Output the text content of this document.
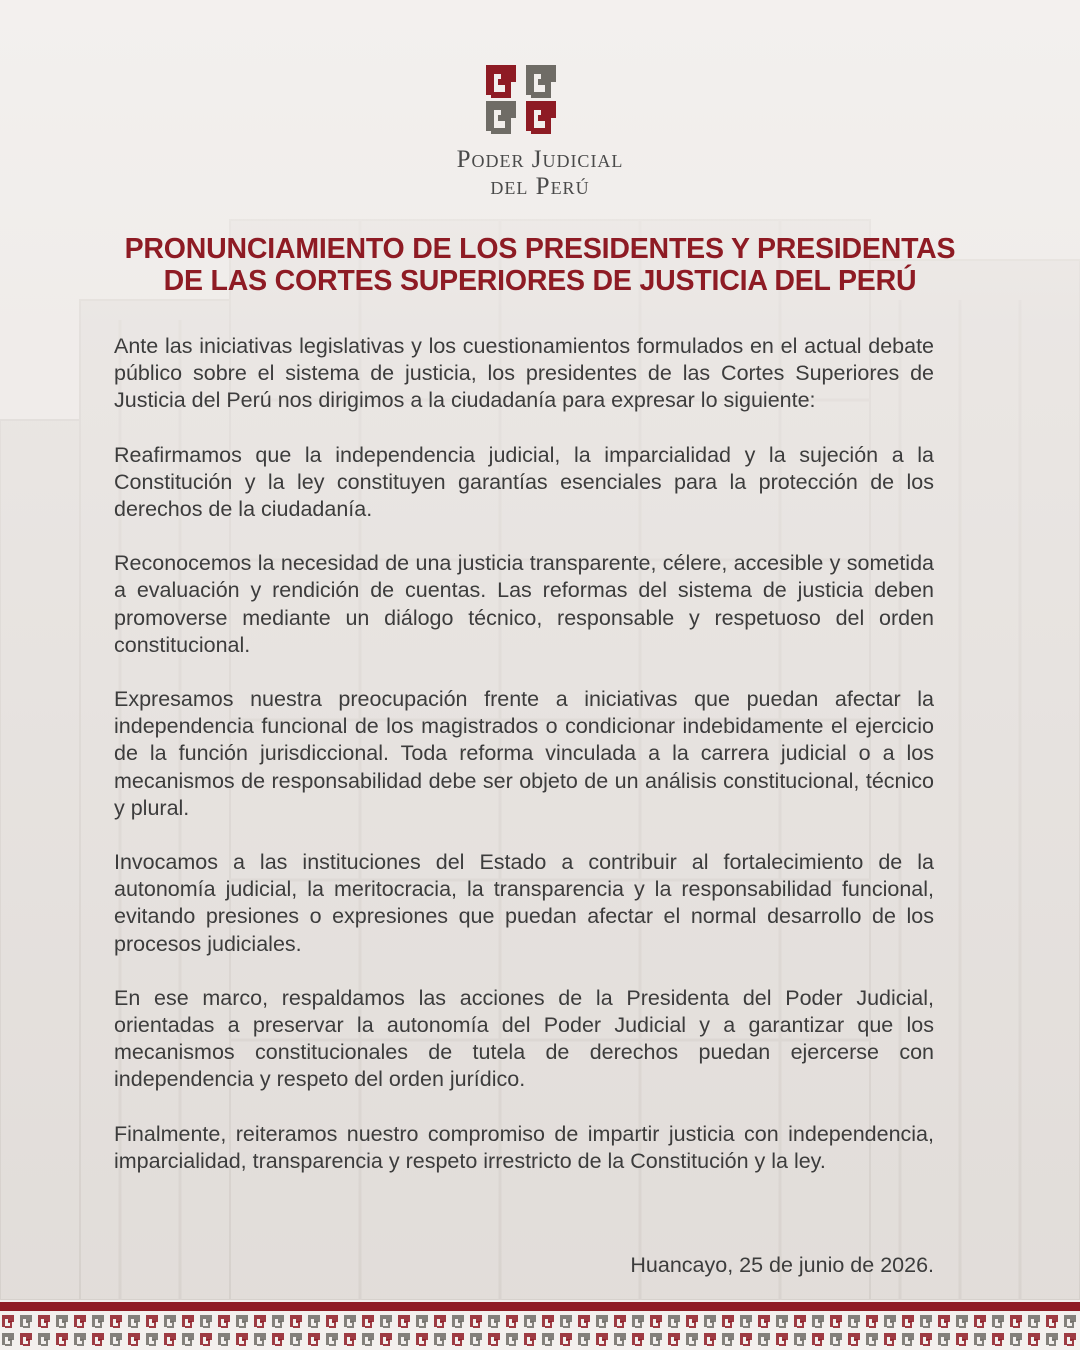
Poder Judicial
del Perú
PRONUNCIAMIENTO DE LOS PRESIDENTES Y PRESIDENTAS
DE LAS CORTES SUPERIORES DE JUSTICIA DEL PERÚ

Ante las iniciativas legislativas y los cuestionamientos formulados en el actual debate público sobre el sistema de justicia, los presidentes de las Cortes Superiores de Justicia del Perú nos dirigimos a la ciudadanía para expresar lo siguiente:

Reafirmamos que la independencia judicial, la imparcialidad y la sujeción a la Constitución y la ley constituyen garantías esenciales para la protección de los derechos de la ciudadanía.

Reconocemos la necesidad de una justicia transparente, célere, accesible y sometida a evaluación y rendición de cuentas. Las reformas del sistema de justicia deben promoverse mediante un diálogo técnico, responsable y respetuoso del orden constitucional.

Expresamos nuestra preocupación frente a iniciativas que puedan afectar la independencia funcional de los magistrados o condicionar indebidamente el ejercicio de la función jurisdiccional. Toda reforma vinculada a la carrera judicial o a los mecanismos de responsabilidad debe ser objeto de un análisis constitucional, técnico y plural.

Invocamos a las instituciones del Estado a contribuir al fortalecimiento de la autonomía judicial, la meritocracia, la transparencia y la responsabilidad funcional, evitando presiones o expresiones que puedan afectar el normal desarrollo de los procesos judiciales.

En ese marco, respaldamos las acciones de la Presidenta del Poder Judicial, orientadas a preservar la autonomía del Poder Judicial y a garantizar que los mecanismos constitucionales de tutela de derechos puedan ejercerse con independencia y respeto del orden jurídico.

Finalmente, reiteramos nuestro compromiso de impartir justicia con independencia, imparcialidad, transparencia y respeto irrestricto de la Constitución y la ley.

Huancayo, 25 de junio de 2026.
